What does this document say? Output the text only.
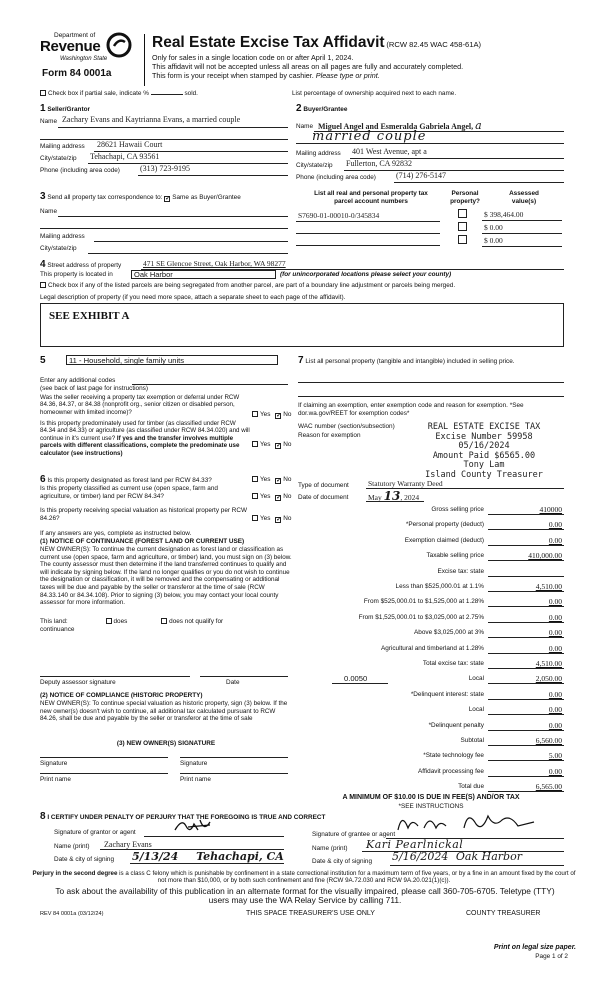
Department of
Revenue
Washington State
Form 84 0001a
Real Estate Excise Tax Affidavit (RCW 82.45 WAC 458-61A)
Only for sales in a single location code on or after April 1, 2024.
This affidavit will not be accepted unless all areas on all pages are fully and accurately completed.
This form is your receipt when stamped by cashier. Please type or print.
Check box if partial sale, indicate %	sold.	List percentage of ownership acquired next to each name.
1 Seller/Grantor
Name Zachary Evans and Kaytrianna Evans, a married couple
Mailing address 28621 Hawaii Court
City/state/zip Tehachapi, CA 93561
Phone (including area code)	(313) 723-9195
2 Buyer/Grantee
Name Miguel Angel and Esmeralda Gabriela Angel, a
married couple
Mailing address 401 West Avenue, apt a
City/state/zip Fullerton, CA 92832
Phone (including area code)	(714) 276-5147
3 Send all property tax correspondence to: ✓ Same as Buyer/Grantee
Name
Mailing address
City/state/zip
List all real and personal property tax
parcel account numbers
Personal
property?
Assessed
value(s)
S7690-01-00010-0/345834	$ 398,464.00
$ 0.00
$ 0.00
4 Street address of property	471 SE Glencoe Street, Oak Harbor, WA 98277
This property is located in	Oak Harbor	(for unincorporated locations please select your county)
Check box if any of the listed parcels are being segregated from another parcel, are part of a boundary line adjustment or parcels being merged.
Legal description of property (if you need more space, attach a separate sheet to each page of the affidavit).
SEE EXHIBIT A
5	11 - Household, single family units
Enter any additional codes
(see back of last page for instructions)
Was the seller receiving a property tax exemption or deferral under RCW 84.36, 84.37, or 84.38 (nonprofit org., senior citizen or disabled person, homeowner with limited income)?	Yes ✓ No
Is this property predominately used for timber (as classified under RCW 84.34 and 84.33) or agriculture (as classified under RCW 84.34.020) and will continue in it's current use? If yes and the transfer involves multiple parcels with different classifications, complete the predominate use calculator (see instructions)
Yes ✓ No
6 Is this property designated as forest land per RCW 84.33?	Yes ✓ No
Is this property classified as current use (open space, farm and agriculture, or timber) land per RCW 84.34?	Yes ✓ No
Is this property receiving special valuation as historical property per RCW 84.26?	Yes ✓ No
If any answers are yes, complete as instructed below.
(1) NOTICE OF CONTINUANCE (FOREST LAND OR CURRENT USE)
NEW OWNER(S): To continue the current designation as forest land or classification as current use (open space, farm and agriculture, or timber) land, you must sign on (3) below. The county assessor must then determine if the land transferred continues to qualify and will indicate by signing below. If the land no longer qualifies or you do not wish to continue the designation or classification, it will be removed and the compensating or additional taxes will be due and payable by the seller or transferor at the time of sale (RCW 84.33.140 or 84.34.108). Prior to signing (3) below, you may contact your local county assessor for more information.
This land:	does	does not qualify for
continuance
Deputy assessor signature	Date
(2) NOTICE OF COMPLIANCE (HISTORIC PROPERTY)
NEW OWNER(S): To continue special valuation as historic property, sign (3) below. If the new owner(s) doesn't wish to continue, all additional tax calculated pursuant to RCW 84.26, shall be due and payable by the seller or transferor at the time of sale
(3) NEW OWNER(S) SIGNATURE
Signature	Signature
Print name	Print name
7 List all personal property (tangible and intangible) included in selling price.
If claiming an exemption, enter exemption code and reason for exemption. *See dor.wa.gov/REET for exemption codes*
WAC number (section/subsection)
Reason for exemption
REAL ESTATE EXCISE TAX
Excise Number 59958
05/16/2024
Amount Paid $6565.00
Tony Lam
Island County Treasurer
Type of document	Statutory Warranty Deed
Date of document	May 13, 2024
Gross selling price	410000
*Personal property (deduct)	0.00
Exemption claimed (deduct)	0.00
Taxable selling price	410,000.00
Excise tax: state
Less than $525,000.01 at 1.1%	4,510.00
From $525,000.01 to $1,525,000 at 1.28%	0.00
From $1,525,000.01 to $3,025,000 at 2.75%	0.00
Above $3,025,000 at 3%	0.00
Agricultural and timberland at 1.28%	0.00
Total excise tax: state	4,510.00
Local
0.0050	2,050.00
*Delinquent interest: state	0.00
Local	0.00
*Delinquent penalty	0.00
Subtotal	6,560.00
*State technology fee	5.00
Affidavit processing fee	0.00
Total due	6,565.00
A MINIMUM OF $10.00 IS DUE IN FEE(S) AND/OR TAX
*SEE INSTRUCTIONS
8 I CERTIFY UNDER PENALTY OF PERJURY THAT THE FOREGOING IS TRUE AND CORRECT
Signature of grantor or agent
Name (print) Zachary Evans
Date & city of signing 5/13/24 Tehachapi, CA
Signature of grantee or agent
Name (print) Kari Pearlnickal
Date & city of signing 5/16/2024 Oak Harbor
Perjury in the second degree is a class C felony which is punishable by confinement in a state correctional institution for a maximum term of five years, or by a fine in an amount fixed by the court of not more than $10,000, or by both such confinement and fine (RCW 9A.72.030 and RCW 9A.20.021(1)(c)).
To ask about the availability of this publication in an alternate format for the visually impaired, please call 360-705-6705. Teletype (TTY) users may use the WA Relay Service by calling 711.
REV 84 0001a (03/12/24)	THIS SPACE TREASURER'S USE ONLY	COUNTY TREASURER
Print on legal size paper.
Page 1 of 2
